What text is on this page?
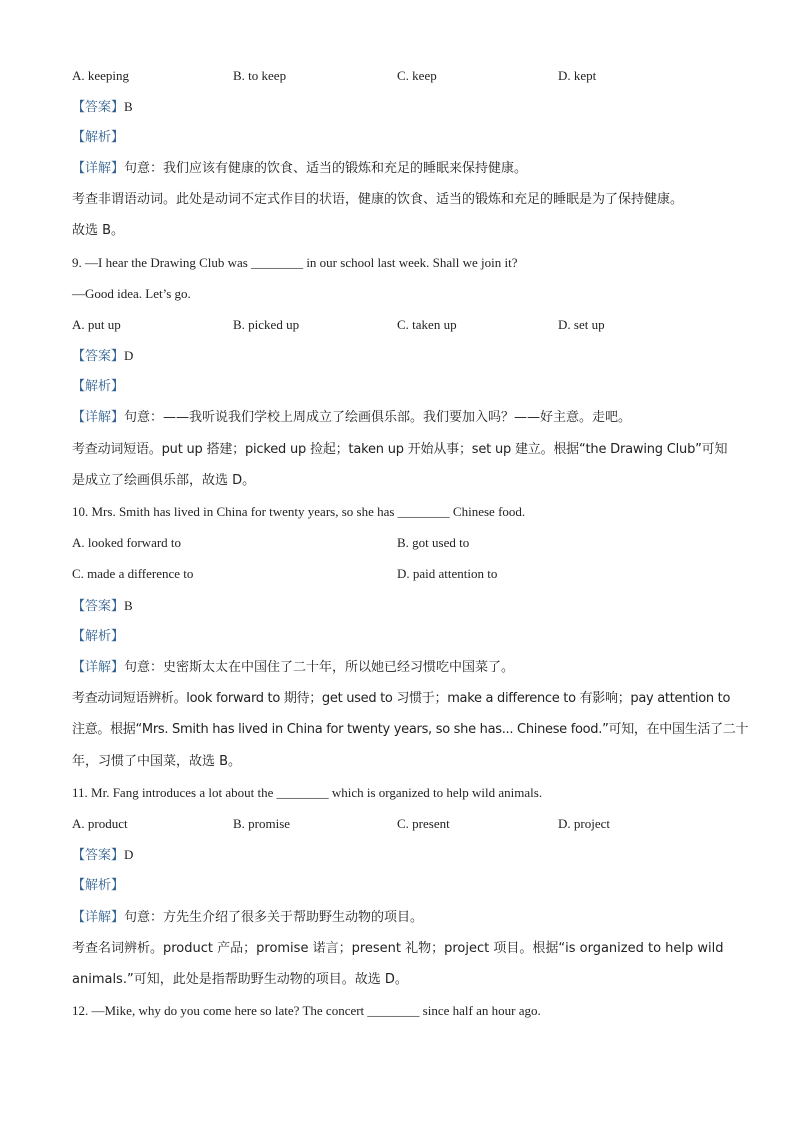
A. keeping	B. to keep	C. keep	D. kept
【答案】B
【解析】
【详解】句意：我们应该有健康的饮食、适当的锻炼和充足的睡眠来保持健康。
考查非谓语动词。此处是动词不定式作目的状语，健康的饮食、适当的锻炼和充足的睡眠是为了保持健康。
故选 B。
9. —I hear the Drawing Club was ________ in our school last week. Shall we join it?
—Good idea. Let’s go.
A. put up	B. picked up	C. taken up	D. set up
【答案】D
【解析】
【详解】句意：——我听说我们学校上周成立了绘画俱乐部。我们要加入吗？——好主意。走吧。
考查动词短语。put up 搭建；picked up 捡起；taken up 开始从事；set up 建立。根据“the Drawing Club”可知
是成立了绘画俱乐部，故选 D。
10. Mrs. Smith has lived in China for twenty years, so she has ________ Chinese food.
A. looked forward to	B. got used to
C. made a difference to	D. paid attention to
【答案】B
【解析】
【详解】句意：史密斯太太在中国住了二十年，所以她已经习惯吃中国菜了。
考查动词短语辨析。look forward to 期待；get used to 习惯于；make a difference to 有影响；pay attention to
注意。根据“Mrs. Smith has lived in China for twenty years, so she has... Chinese food.”可知，在中国生活了二十
年，习惯了中国菜，故选 B。
11. Mr. Fang introduces a lot about the ________ which is organized to help wild animals.
A. product	B. promise	C. present	D. project
【答案】D
【解析】
【详解】句意：方先生介绍了很多关于帮助野生动物的项目。
考查名词辨析。product 产品；promise 诺言；present 礼物；project 项目。根据“is organized to help wild
animals.”可知，此处是指帮助野生动物的项目。故选 D。
12. —Mike, why do you come here so late? The concert ________ since half an hour ago.
